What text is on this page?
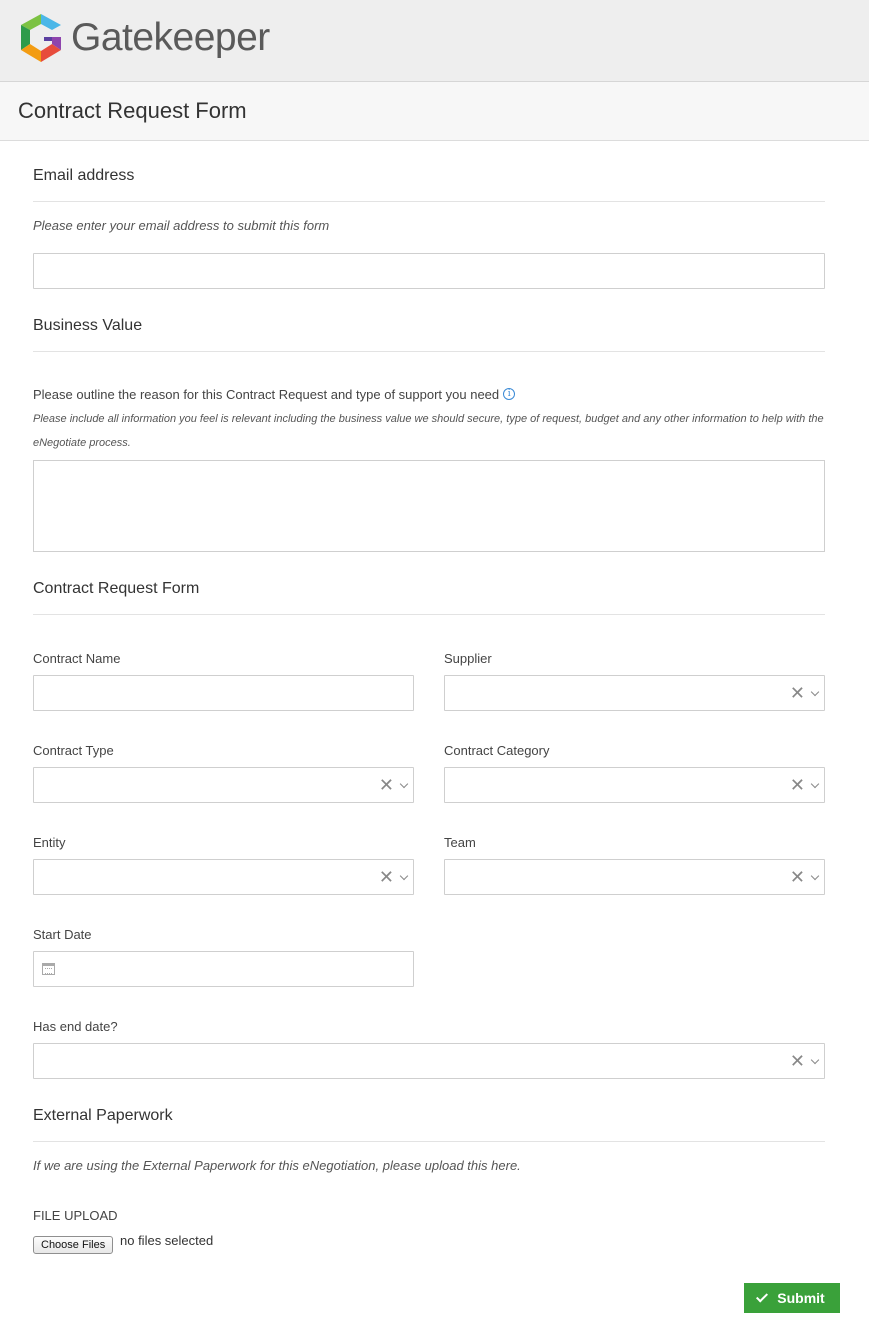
Gatekeeper
Contract Request Form
Email address
Please enter your email address to submit this form
Business Value
Please outline the reason for this Contract Request and type of support you need i
Please include all information you feel is relevant including the business value we should secure, type of request, budget and any other information to help with the eNegotiate process.
Contract Request Form
Contract Name	Supplier
✕
Contract Type
✕
Contract Category
✕
Entity
✕
Team
✕
Start Date
Has end date?
✕
External Paperwork
If we are using the External Paperwork for this eNegotiation, please upload this here.
FILE UPLOAD
Choose Files	no files selected
Submit
